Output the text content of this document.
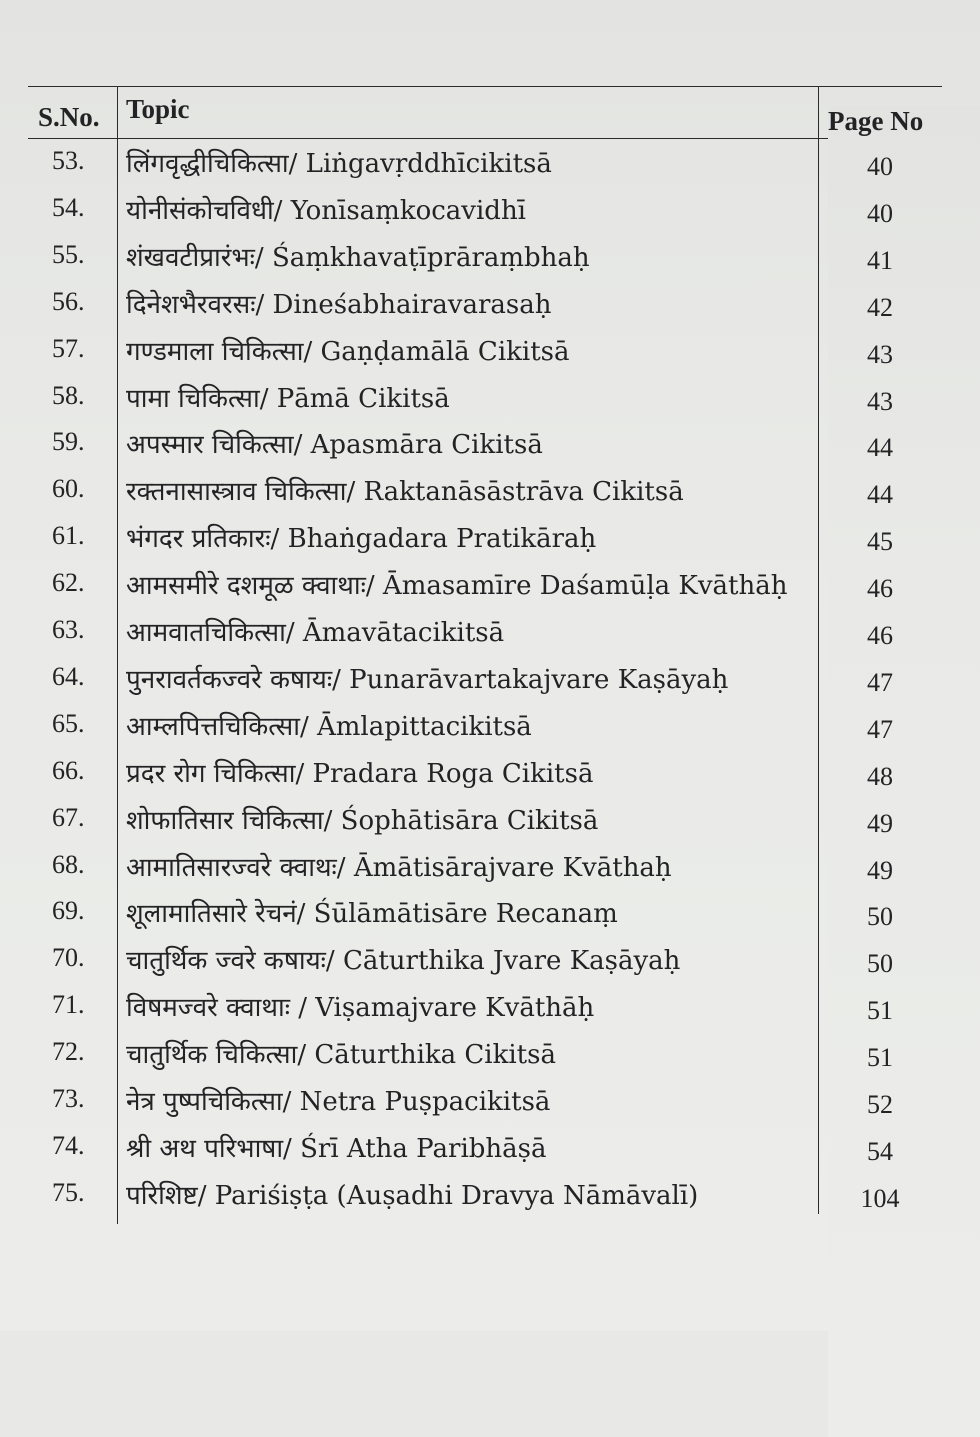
S.No. Topic	Page No
53. लिंगवृद्धीचिकित्सा/ Liṅgavṛddhīcikitsā	40
54. योनीसंकोचविधी/ Yonīsaṃkocavidhī	40
55. शंखवटीप्रारंभः/ Śaṃkhavaṭīprāraṃbhaḥ	41
56. दिनेशभैरवरसः/ Dineśabhairavarasaḥ	42
57. गण्डमाला चिकित्सा/ Gaṇḍamālā Cikitsā	43
58. पामा चिकित्सा/ Pāmā Cikitsā	43
59. अपस्मार चिकित्सा/ Apasmāra Cikitsā	44
60. रक्तनासास्त्राव चिकित्सा/ Raktanāsāstrāva Cikitsā	44
61. भंगदर प्रतिकारः/ Bhaṅgadara Pratikāraḥ	45
62. आमसमीरे दशमूळ क्वाथाः/ Āmasamīre Daśamūḷa Kvāthāḥ	46
63. आमवातचिकित्सा/ Āmavātacikitsā	46
64. पुनरावर्तकज्वरे कषायः/ Punarāvartakajvare Kaṣāyaḥ	47
65. आम्लपित्तचिकित्सा/ Āmlapittacikitsā	47
66. प्रदर रोग चिकित्सा/ Pradara Roga Cikitsā	48
67. शोफातिसार चिकित्सा/ Śophātisāra Cikitsā	49
68. आमातिसारज्वरे क्वाथः/ Āmātisārajvare Kvāthaḥ	49
69. शूलामातिसारे रेचनं/ Śūlāmātisāre Recanaṃ	50
70. चातुर्थिक ज्वरे कषायः/ Cāturthika Jvare Kaṣāyaḥ	50
71. विषमज्वरे क्वाथाः / Viṣamajvare Kvāthāḥ	51
72. चातुर्थिक चिकित्सा/ Cāturthika Cikitsā	51
73. नेत्र पुष्पचिकित्सा/ Netra Puṣpacikitsā	52
74. श्री अथ परिभाषा/ Śrī Atha Paribhāṣā	54
75. परिशिष्ट/ Pariśiṣṭa (Auṣadhi Dravya Nāmāvalī)	104
